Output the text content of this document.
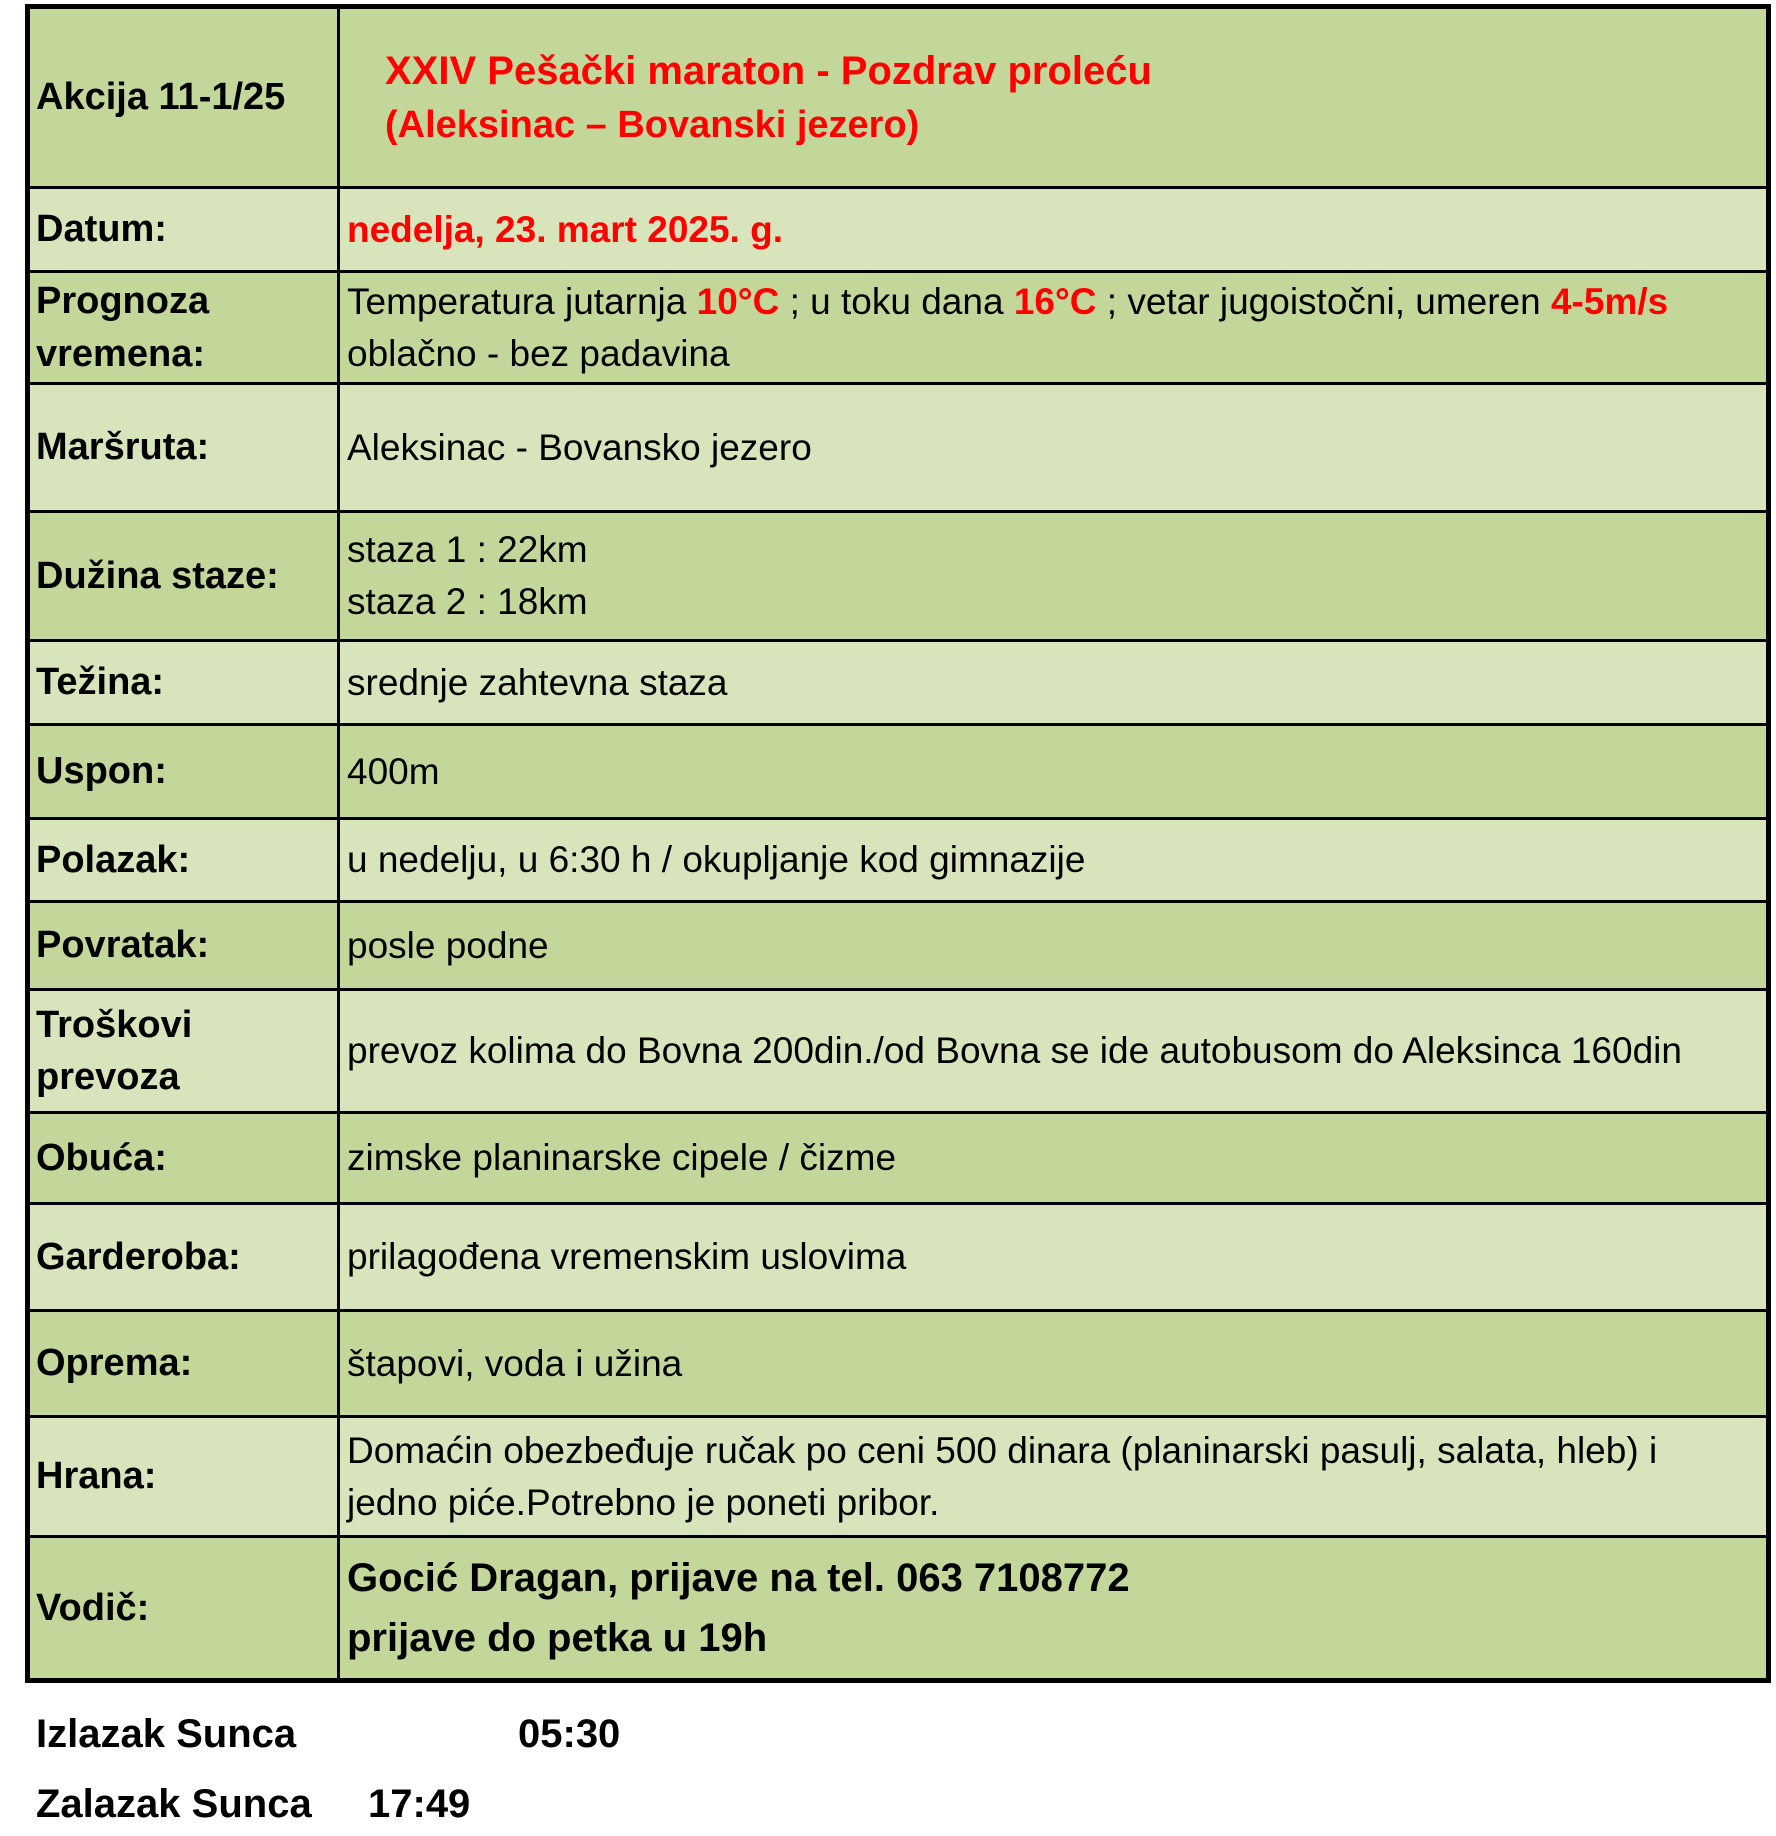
Akcija 11-1/25	XXIV Pešački maraton - Pozdrav proleću
(Aleksinac – Bovanski jezero)

Datum:	nedelja, 23. mart 2025. g.

Prognoza
vremena:	Temperatura jutarnja 10°C ; u toku dana 16°C ; vetar jugoistočni, umeren 4-5m/s
oblačno - bez padavina

Maršruta:	Aleksinac - Bovansko jezero
Dužina staze:	staza 1 : 22km
staza 2 : 18km

Težina:	srednje zahtevna staza
Uspon:	400m
Polazak:	u nedelju, u 6:30 h / okupljanje kod gimnazije
Povratak:	posle podne

Troškovi
prevoza	prevoz kolima do Bovna 200din./od Bovna se ide autobusom do Aleksinca 160din

Obuća:	zimske planinarske cipele / čizme
Garderoba:	prilagođena vremenskim uslovima
Oprema:	štapovi, voda i užina
Hrana:	Domaćin obezbeđuje ručak po ceni 500 dinara (planinarski pasulj, salata, hleb) i
jedno piće.Potrebno je poneti pribor.

Vodič:	Gocić Dragan, prijave na tel. 063 7108772
prijave do petka u 19h
Izlazak Sunca	05:30
Zalazak Sunca 17:49
